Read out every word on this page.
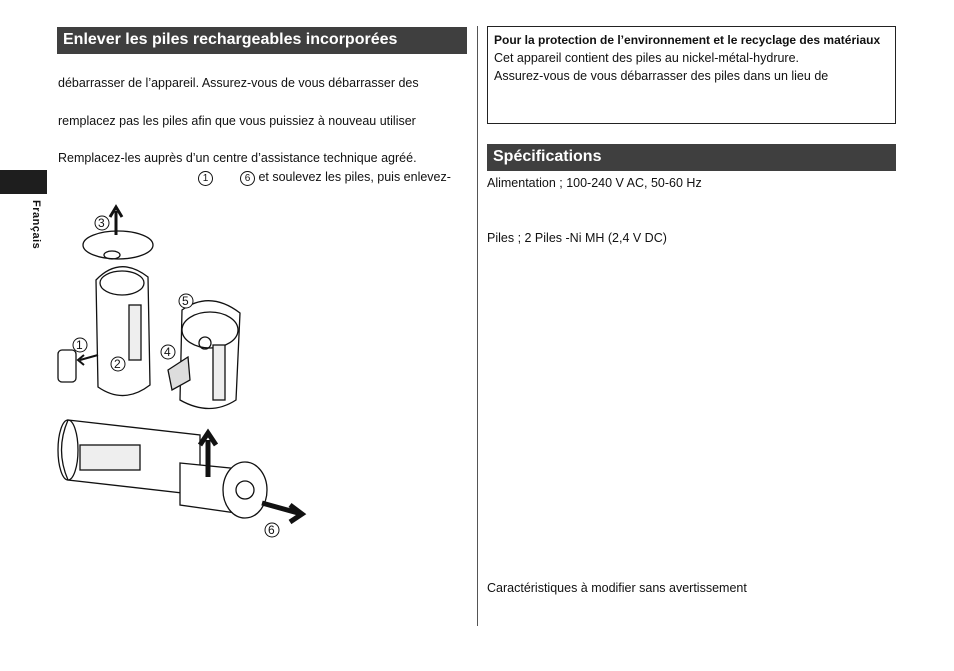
Français
Enlever les piles rechargeables incorporées
débarrasser de l’appareil. Assurez-vous de vous débarrasser des
remplacez pas les piles afin que vous puissiez à nouveau utiliser
Remplacez-les auprès d’un centre d’assistance technique agréé.
1	6 et soulevez les piles, puis enlevez-
3
5
1
2
4
6

Pour la protection de l’environnement et le recyclage des matériaux

Cet appareil contient des piles au nickel-métal-hydrure.

Assurez-vous de vous débarrasser des piles dans un lieu de

Spécifications
Alimentation ; 100-240 V AC, 50-60 Hz
Piles ; 2 Piles -Ni MH (2,4 V DC)
Caractéristiques à modifier sans avertissement
